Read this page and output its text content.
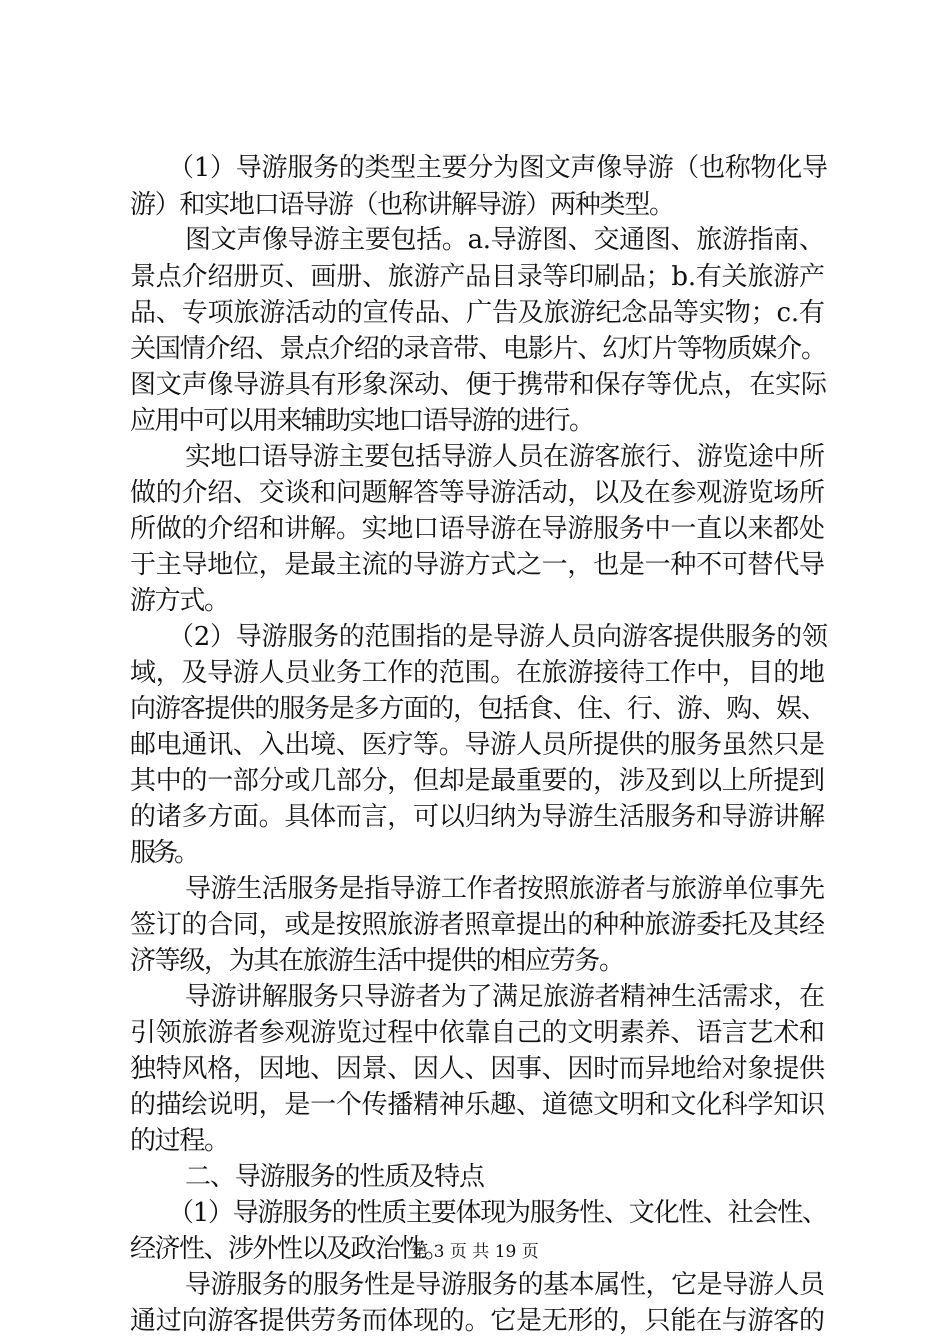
（1）导游服务的类型主要分为图文声像导游（也称物化导
游）和实地口语导游（也称讲解导游）两种类型。
图文声像导游主要包括。a.导游图、交通图、旅游指南、
景点介绍册页、画册、旅游产品目录等印刷品；b.有关旅游产
品、专项旅游活动的宣传品、广告及旅游纪念品等实物；c.有
关国情介绍、景点介绍的录音带、电影片、幻灯片等物质媒介。
图文声像导游具有形象深动、便于携带和保存等优点，在实际
应用中可以用来辅助实地口语导游的进行。
实地口语导游主要包括导游人员在游客旅行、游览途中所
做的介绍、交谈和问题解答等导游活动，以及在参观游览场所
所做的介绍和讲解。实地口语导游在导游服务中一直以来都处
于主导地位，是最主流的导游方式之一，也是一种不可替代导
游方式。
（2）导游服务的范围指的是导游人员向游客提供服务的领
域，及导游人员业务工作的范围。在旅游接待工作中，目的地
向游客提供的服务是多方面的，包括食、住、行、游、购、娱、
邮电通讯、入出境、医疗等。导游人员所提供的服务虽然只是
其中的一部分或几部分，但却是最重要的，涉及到以上所提到
的诸多方面。具体而言，可以归纳为导游生活服务和导游讲解
服务。
导游生活服务是指导游工作者按照旅游者与旅游单位事先
签订的合同，或是按照旅游者照章提出的种种旅游委托及其经
济等级，为其在旅游生活中提供的相应劳务。
导游讲解服务只导游者为了满足旅游者精神生活需求，在
引领旅游者参观游览过程中依靠自己的文明素养、语言艺术和
独特风格，因地、因景、因人、因事、因时而异地给对象提供
的描绘说明，是一个传播精神乐趣、道德文明和文化科学知识
的过程。
二、导游服务的性质及特点
（1）导游服务的性质主要体现为服务性、文化性、社会性、
经济性、涉外性以及政治性。
导游服务的服务性是导游服务的基本属性，它是导游人员
通过向游客提供劳务而体现的。它是无形的，只能在与游客的
第 3 页 共 19 页
